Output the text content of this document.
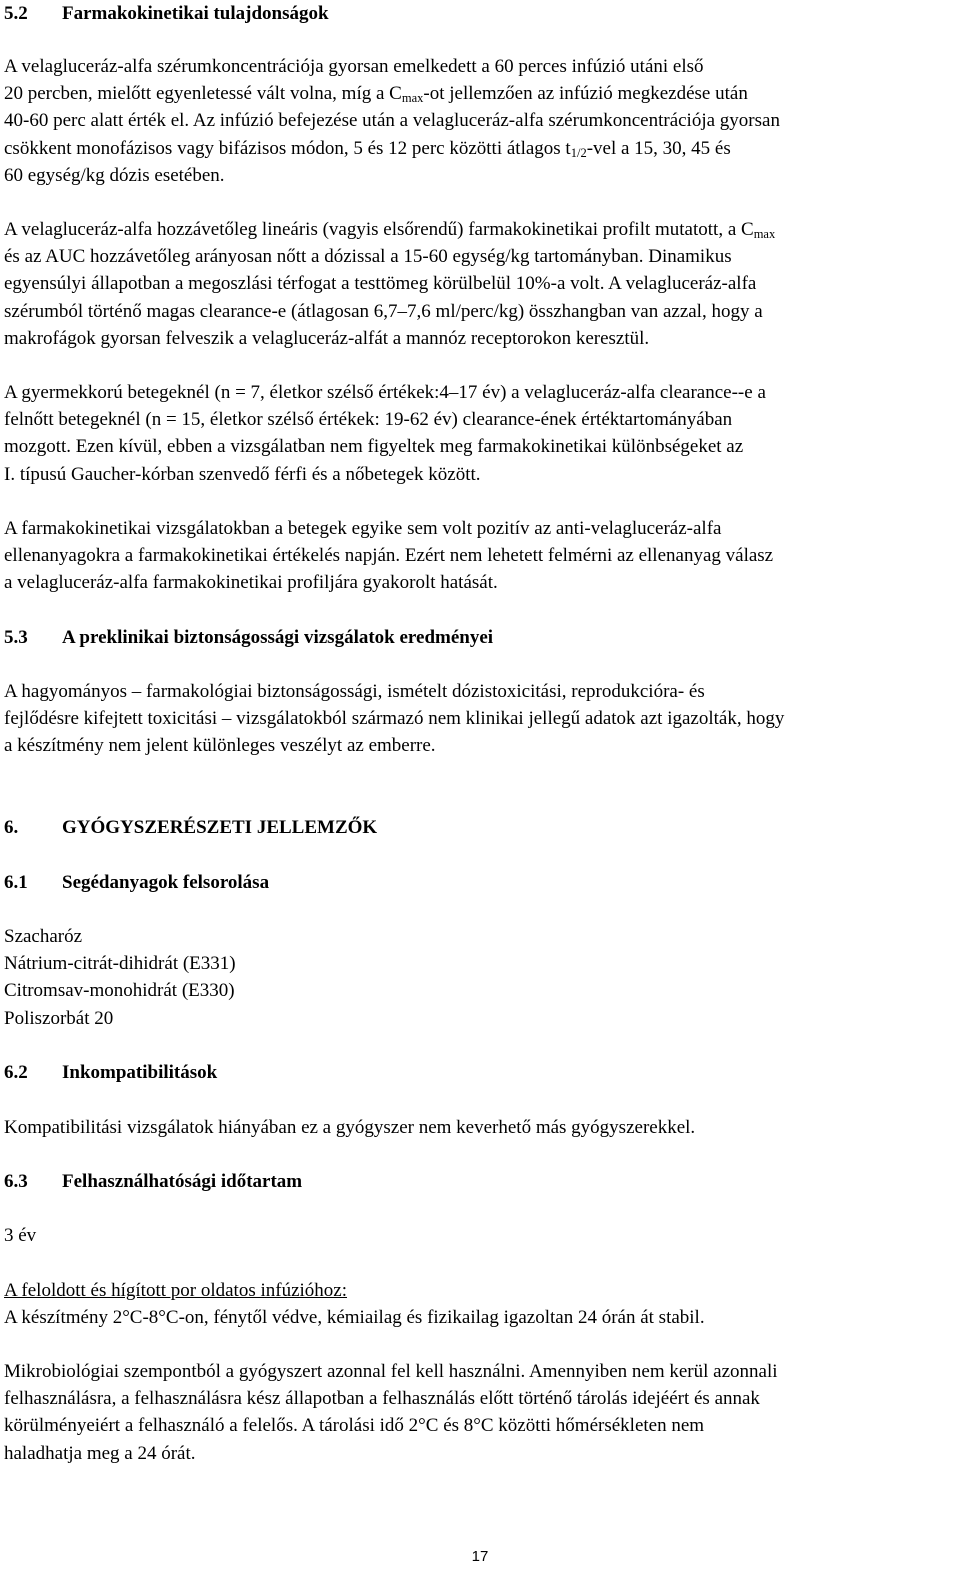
5.2 Farmakokinetikai tulajdonságok
A velagluceráz-alfa szérumkoncentrációja gyorsan emelkedett a 60 perces infúzió utáni első
20 percben, mielőtt egyenletessé vált volna, míg a $C_{max}-ot$ jellemzően az infúzió megkezdése után
40-60 perc alatt érték el. Az infúzió befejezése után a velagluceráz-alfa szérumkoncentrációja gyorsan
csökkent monofázisos vagy bifázisos módon, 5 és 12 perc közötti átlagos $t_{1/2}$-vel a 15, 30, 45 és
60 egység/kg dózis esetében.
A velagluceráz-alfa hozzávetőleg lineáris (vagyis elsőrendű) farmakokinetikai profilt mutatott, a $C_{max}$
és az AUC hozzávetőleg arányosan nőtt a dózissal a 15-60 egység/kg tartományban. Dinamikus
egyensúlyi állapotban a megoszlási térfogat a testtömeg körülbelül 10%-a volt. A velagluceráz-alfa
szérumból történő magas clearance-e (átlagosan 6,7–7,6 ml/perc/kg) összhangban van azzal, hogy a
makrofágok gyorsan felveszik a velagluceráz-alfát a mannóz receptorokon keresztül.
A gyermekkorú betegeknél (n = 7, életkor szélső értékek:4–17 év) a velagluceráz-alfa clearance--e a
felnőtt betegeknél (n = 15, életkor szélső értékek: 19-62 év) clearance-ének értéktartományában
mozgott. Ezen kívül, ebben a vizsgálatban nem figyeltek meg farmakokinetikai különbségeket az
I. típusú Gaucher-kórban szenvedő férfi és a nőbetegek között.
A farmakokinetikai vizsgálatokban a betegek egyike sem volt pozitív az anti-velagluceráz-alfa
ellenanyagokra a farmakokinetikai értékelés napján. Ezért nem lehetett felmérni az ellenanyag válasz
a velagluceráz-alfa farmakokinetikai profiljára gyakorolt hatását.
5.3 A preklinikai biztonságossági vizsgálatok eredményei
A hagyományos – farmakológiai biztonságossági, ismételt dózistoxicitási, reprodukcióra- és
fejlődésre kifejtett toxicitási – vizsgálatokból származó nem klinikai jellegű adatok azt igazolták, hogy
a készítmény nem jelent különleges veszélyt az emberre.
6. GYÓGYSZERÉSZETI JELLEMZŐK
6.1 Segédanyagok felsorolása
Szacharóz
Nátrium-citrát-dihidrát (E331)
Citromsav-monohidrát (E330)
Poliszorbát 20
6.2 Inkompatibilitások
Kompatibilitási vizsgálatok hiányában ez a gyógyszer nem keverhető más gyógyszerekkel.
6.3 Felhasználhatósági időtartam
3 év
A feloldott és hígított por oldatos infúzióhoz:
A készítmény 2°C-8°C-on, fénytől védve, kémiailag és fizikailag igazoltan 24 órán át stabil.
Mikrobiológiai szempontból a gyógyszert azonnal fel kell használni. Amennyiben nem kerül azonnali
felhasználásra, a felhasználásra kész állapotban a felhasználás előtt történő tárolás idejéért és annak
körülményeiért a felhasználó a felelős. A tárolási idő 2°C és 8°C közötti hőmérsékleten nem
haladhatja meg a 24 órát.
17
